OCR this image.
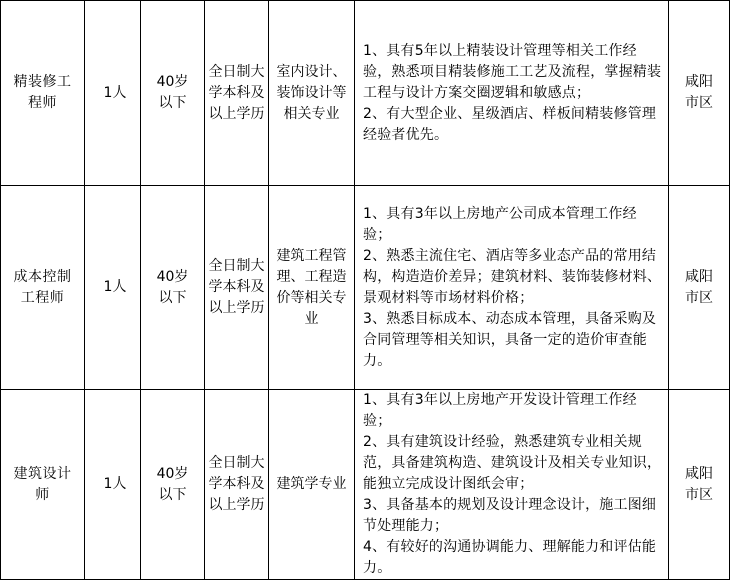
精装修工程师	1人	40岁以下	全日制大学本科及以上学历	室内设计、装饰设计等相关专业	1、具有5年以上精装设计管理等相关工作经验，熟悉项目精装修施工工艺及流程，掌握精装工程与设计方案交圈逻辑和敏感点；
2、有大型企业、星级酒店、样板间精装修管理经验者优先。	咸阳市区

成本控制工程师	1人	40岁以下	全日制大学本科及以上学历	建筑工程管理、工程造价等相关专业	1、具有3年以上房地产公司成本管理工作经验；
2、熟悉主流住宅、酒店等多业态产品的常用结构，构造造价差异；建筑材料、装饰装修材料、景观材料等市场材料价格；
3、熟悉目标成本、动态成本管理，具备采购及合同管理等相关知识，具备一定的造价审查能力。	咸阳市区

建筑设计师	1人	40岁以下	全日制大学本科及以上学历	建筑学专业	1、具有3年以上房地产开发设计管理工作经验；
2、具有建筑设计经验，熟悉建筑专业相关规范，具备建筑构造、建筑设计及相关专业知识，能独立完成设计图纸会审；
3、具备基本的规划及设计理念设计，施工图细节处理能力；
4、有较好的沟通协调能力、理解能力和评估能力。	咸阳市区
